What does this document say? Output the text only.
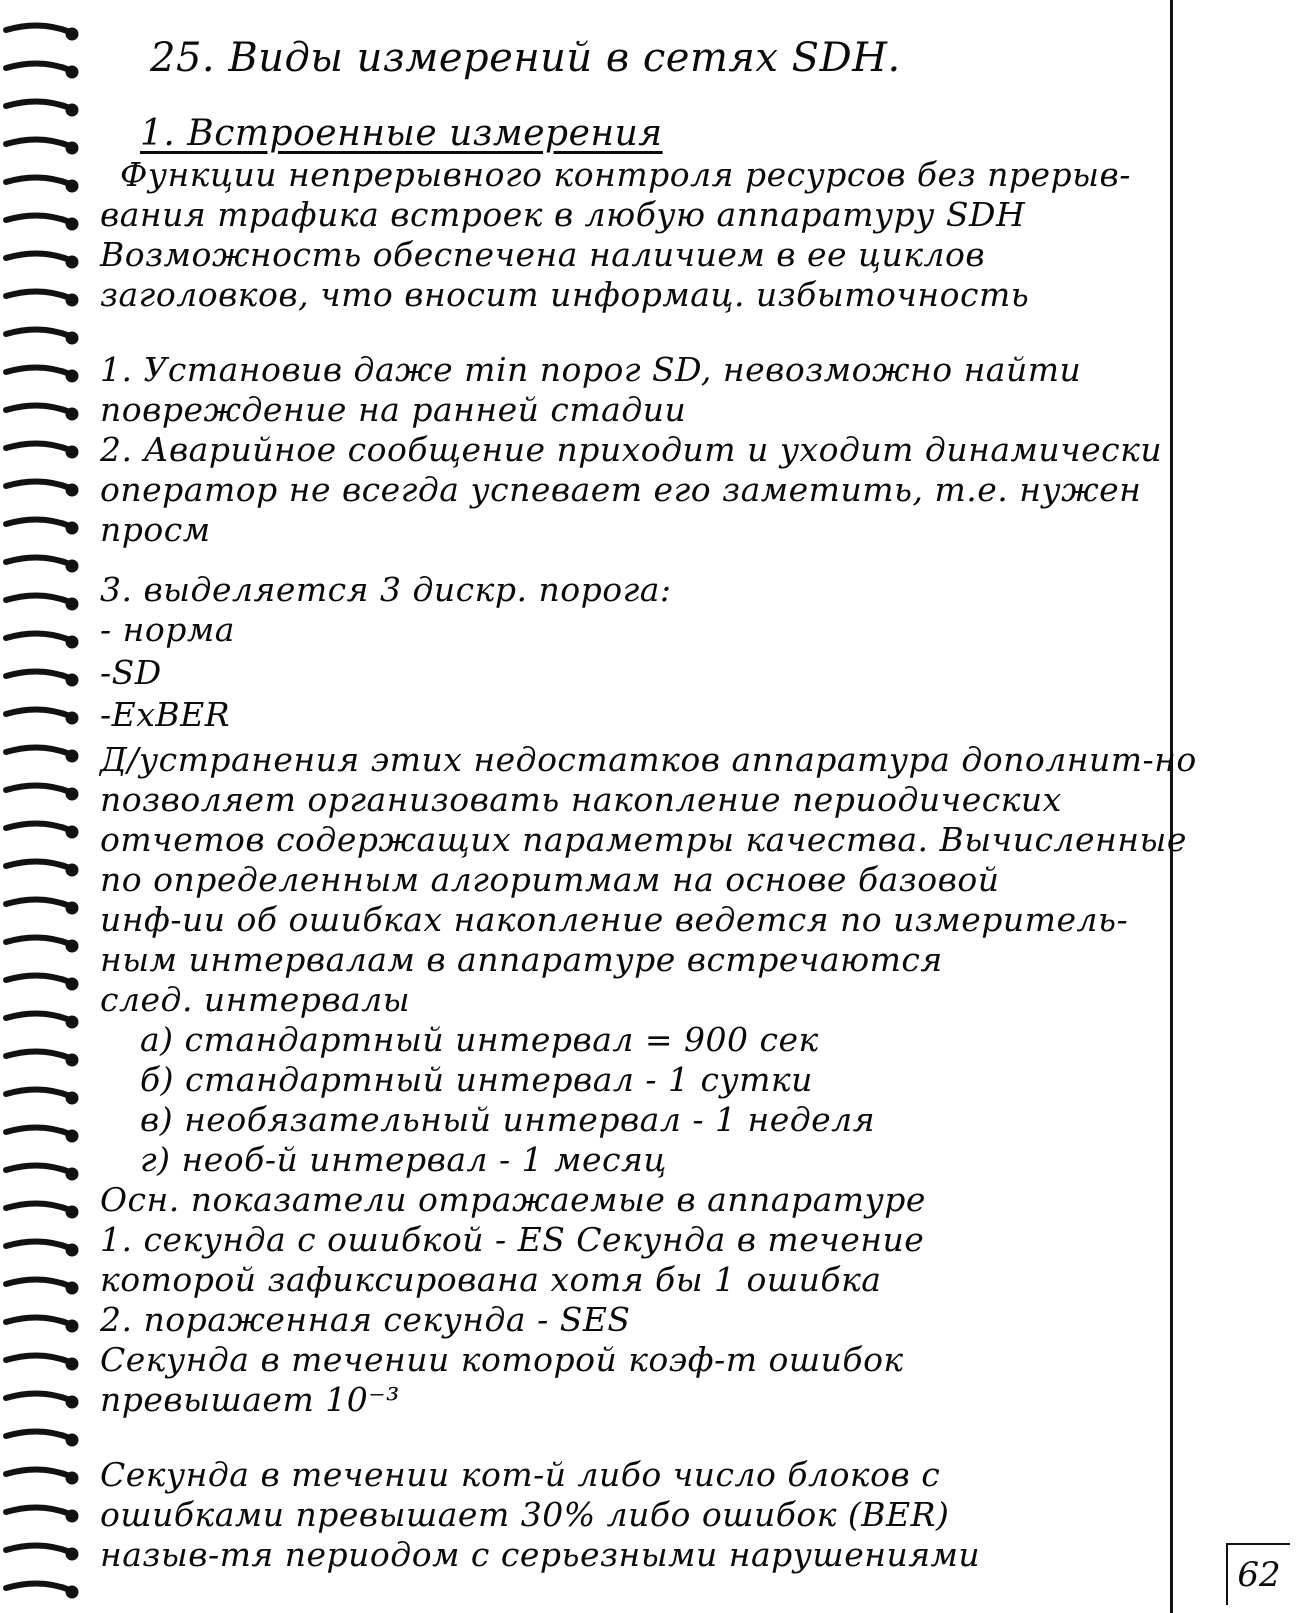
25. Виды измерений в сетях SDH.
1. Встроенные измерения
Функции непрерывного контроля ресурсов без прерыв-
вания трафика встроек в любую аппаратуру SDH
Возможность обеспечена наличием в ее циклов
заголовков, что вносит информац. избыточность
1. Установив даже min порог SD, невозможно найти
повреждение на ранней стадии
2. Аварийное сообщение приходит и уходит динамически
оператор не всегда успевает его заметить, т.е. нужен
просм
3. выделяется 3 дискр. порога:
- норма
-SD
-ExBER
Д/устранения этих недостатков аппаратура дополнит-но
позволяет организовать накопление периодических
отчетов содержащих параметры качества. Вычисленные
по определенным алгоритмам на основе базовой
инф-ии об ошибках накопление ведется по измеритель-
ным интервалам в аппаратуре встречаются
след. интервалы
а) стандартный интервал = 900 сек
б) стандартный интервал - 1 сутки
в) необязательный интервал - 1 неделя
г) необ-й интервал - 1 месяц
Осн. показатели отражаемые в аппаратуре
1. секунда с ошибкой - ES Секунда в течение
которой зафиксирована хотя бы 1 ошибка
2. пораженная секунда - SES
Секунда в течении которой коэф-т ошибок
превышает 10⁻³
Секунда в течении кот-й либо число блоков с
ошибками превышает 30% либо ошибок (BER)
назыв-тя периодом с серьезными нарушениями
62
